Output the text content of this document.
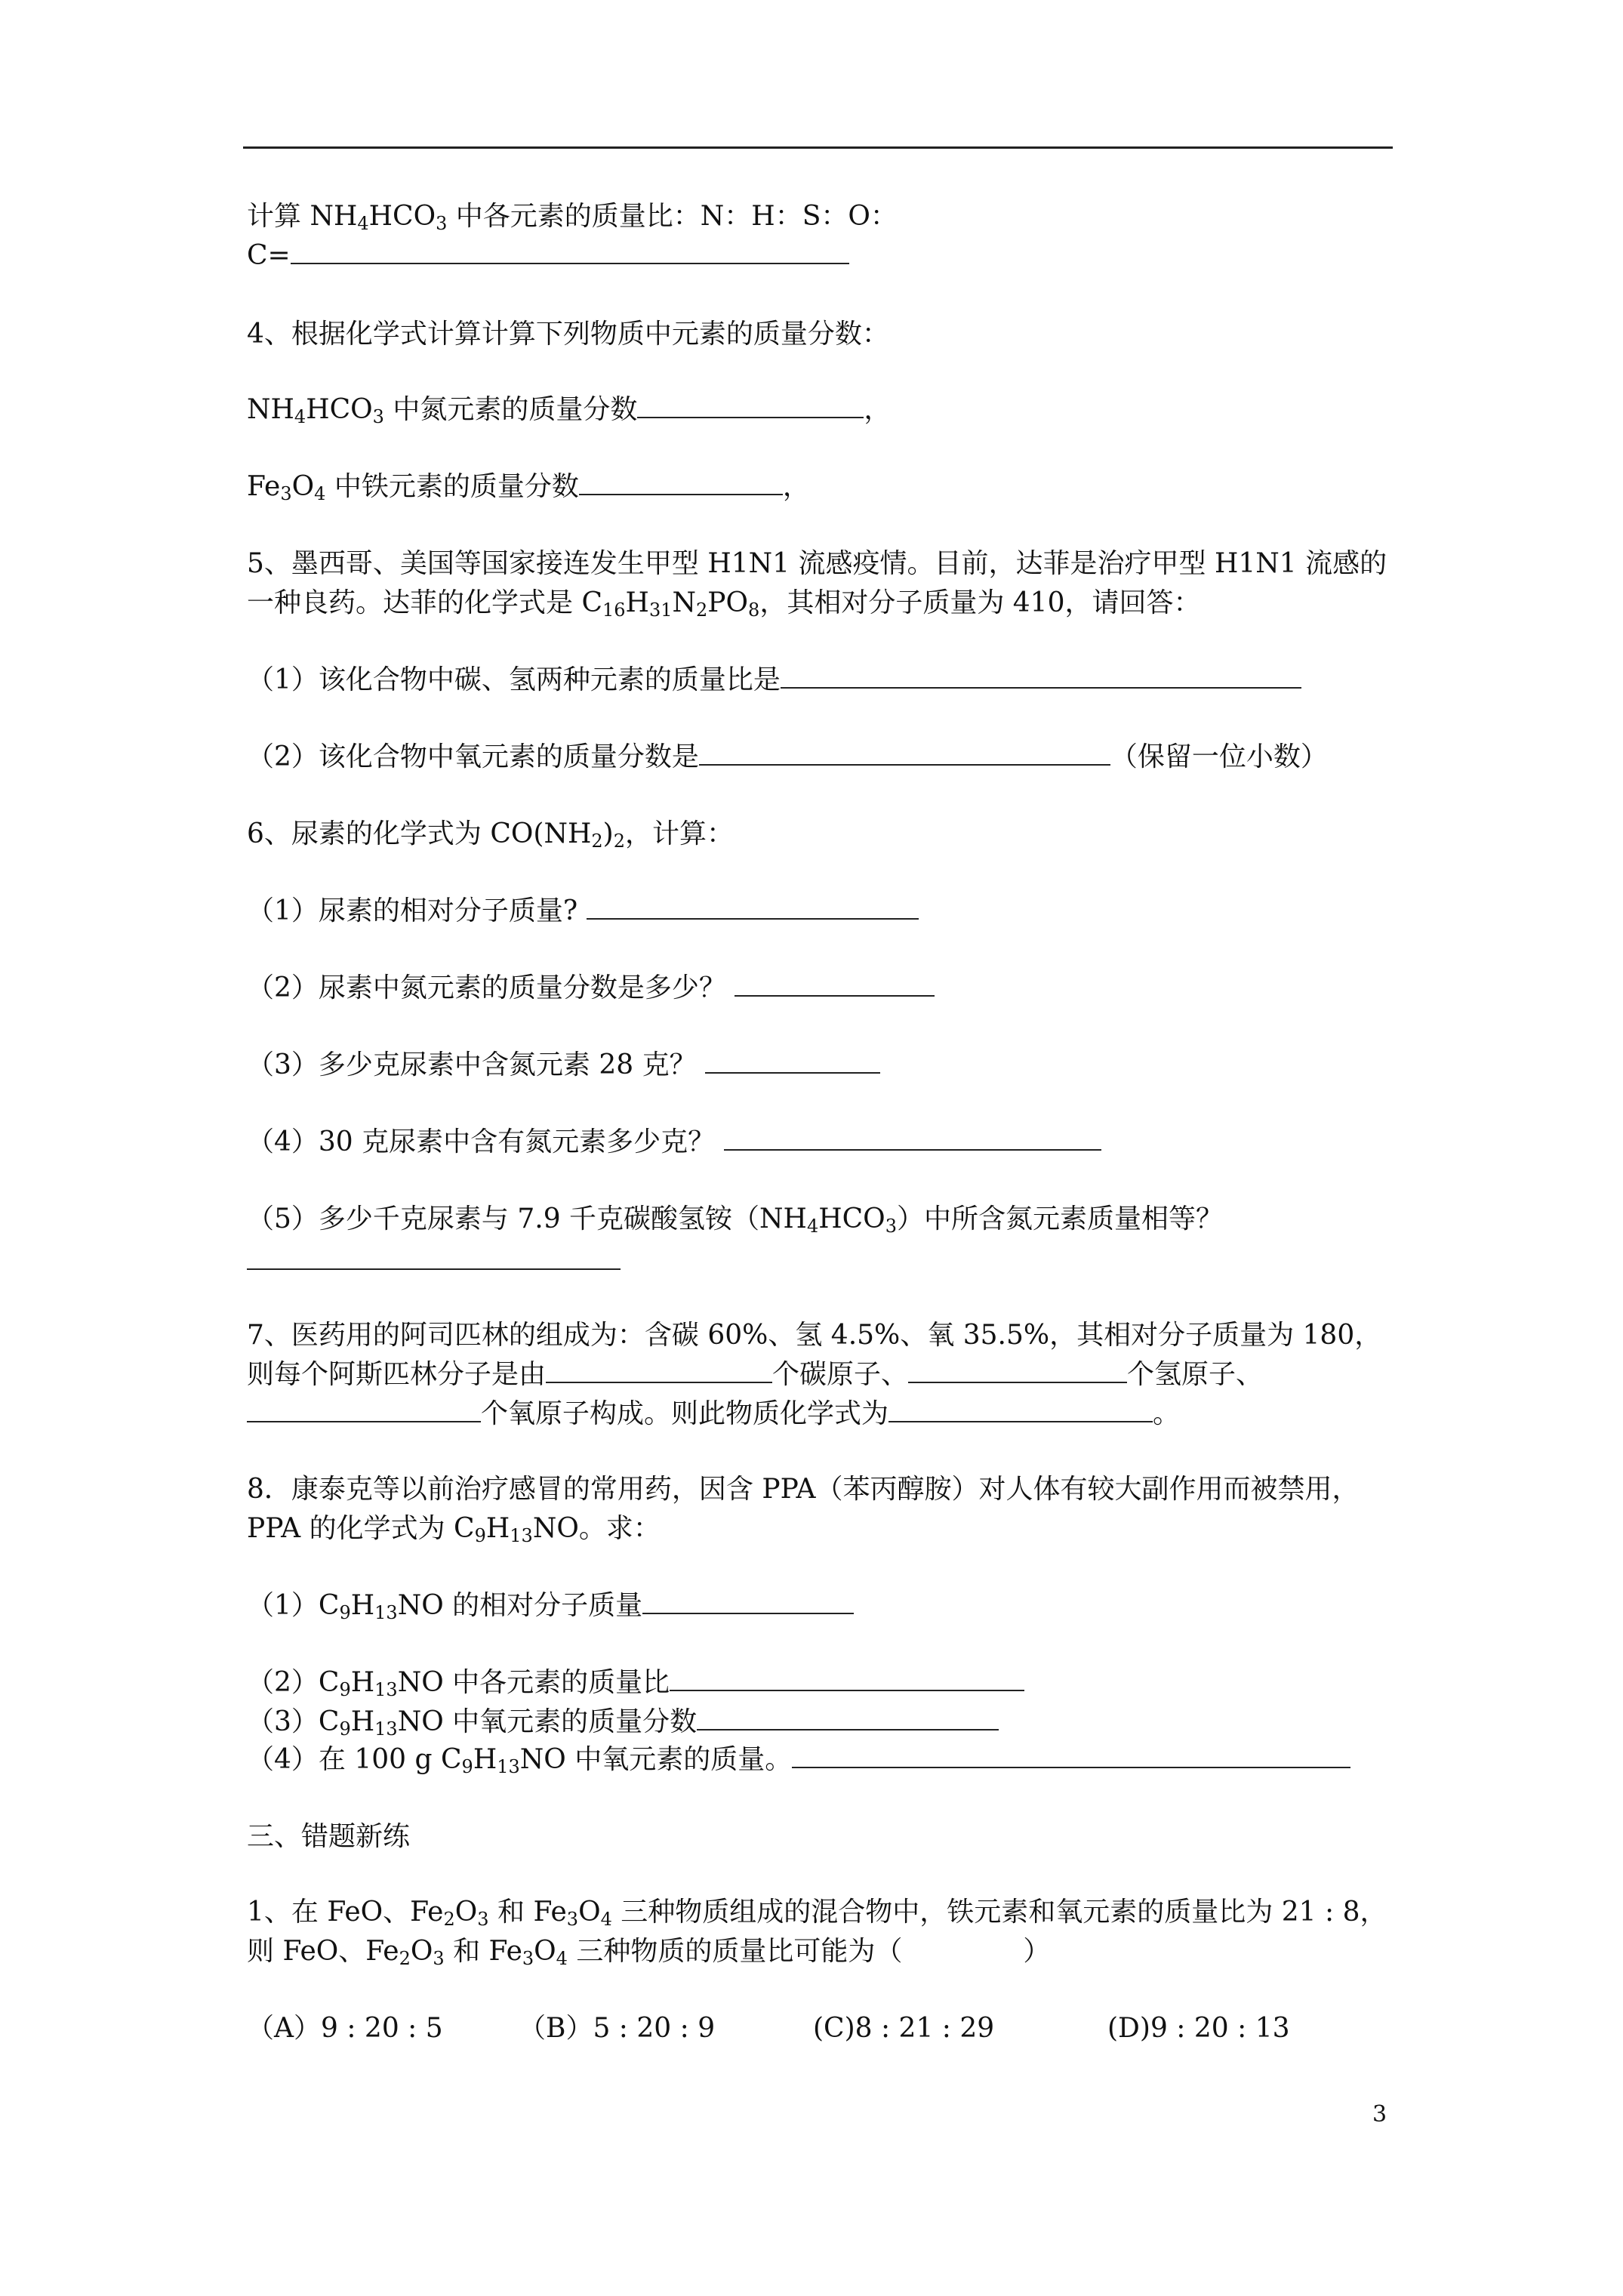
计算 $NH_4HCO_3$ 中各元素的质量比：N：H：S：O：
C=
4、根据化学式计算计算下列物质中元素的质量分数：
$NH_4HCO_3$ 中氮元素的质量分数	，
$Fe_3O_4$ 中铁元素的质量分数	，
5、墨西哥、美国等国家接连发生甲型 H1N1 流感疫情。目前，达菲是治疗甲型 H1N1 流感的
一种良药。达菲的化学式是 $C_{16}H_{31}N_2PO_8$，其相对分子质量为 410，请回答：
（1）该化合物中碳、氢两种元素的质量比是
（2）该化合物中氧元素的质量分数是	（保留一位小数）
6、尿素的化学式为 $CO(NH_2)_2$，计算：
（1）尿素的相对分子质量?
（2）尿素中氮元素的质量分数是多少？
（3）多少克尿素中含氮元素 28 克？
（4）30 克尿素中含有氮元素多少克？
（5）多少千克尿素与 7.9 千克碳酸氢铵$(NH_4HCO_3)$中所含氮元素质量相等？
7、医药用的阿司匹林的组成为：含碳 60%、氢 4.5%、氧 35.5%，其相对分子质量为 180，
则每个阿斯匹林分子是由	个碳原子、	个氢原子、
个氧原子构成。则此物质化学式为	。
8．康泰克等以前治疗感冒的常用药，因含 PPA（苯丙醇胺）对人体有较大副作用而被禁用，
PPA 的化学式为 $C_9H_{13}NO$。求：
$(1)C_9H_{13}NO$ 的相对分子质量
$(2)C_9H_{13}NO$ 中各元素的质量比
$(3)C_9H_{13}NO$ 中氧元素的质量分数
（4）在 100 g $C_9H_{13}NO$ 中氧元素的质量。
三、错题新练
1、在 FeO、$Fe_2O_3$ 和 $Fe_3O_4$ 三种物质组成的混合物中，铁元素和氧元素的质量比为 21 : 8，
则 FeO、$Fe_2O_3$ 和 $Fe_3O_4$ 三种物质的质量比可能为（	）
（A）9 : 20 : 5	（B）5 : 20 : 9	(C)8 : 21 : 29	(D)9 : 20 : 13
3
